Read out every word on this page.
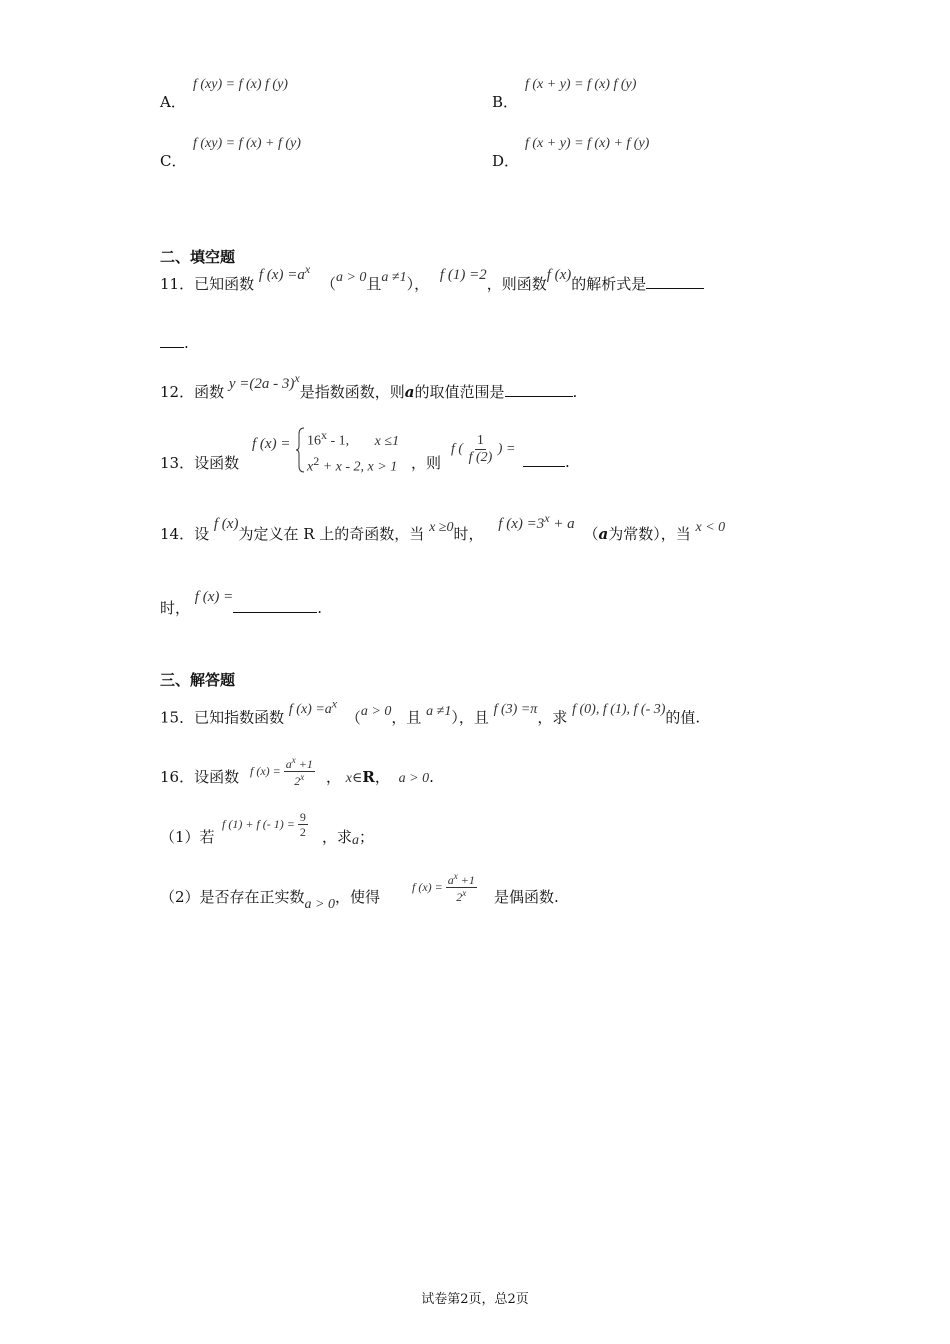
A．
f (xy) = f (x) f (y)
B．
f (x + y) = f (x) f (y)
C．
f (xy) = f (x) + f (y)
D．
f (x + y) = f (x) + f (y)
二、填空题
11．已知函数 f $(x) =a^x$ （a > 0且a ≠1）， f (1) =2，则函数f (x)的解析式是
.
12．函数 y =(2a - 3)$^x$是指数函数，则a的取值范围是	.
13．设函数
f $(x) = 16^x - 1$, x ≤1
$x^2 + x - 2$, x > 1 ，则
f ( $\frac{1}{f (2)}$ ) =
.
14．设 f (x)为定义在 R 上的奇函数，当 x ≥0时， f $(x) =3^x + a$ （a为常数），当 x < 0
时， f (x) =.
三、解答题
15．已知指数函数 f $(x) =a^x$ （a > 0，且 a ≠1），且 f (3) =π，求 f (0), f (1), f (- 3)的值.
16．设函数 f $(x) = \frac{a^x +1}{2^x}$ ， x∈R， a > 0.
（1）若
f (1) + f (- $1) = \frac{9}{2}$ ，求a；
（2）是否存在正实数a > 0，使得
f $(x) = \frac{a^x +1}{2^x}$ 是偶函数.
试卷第2页，总2页
